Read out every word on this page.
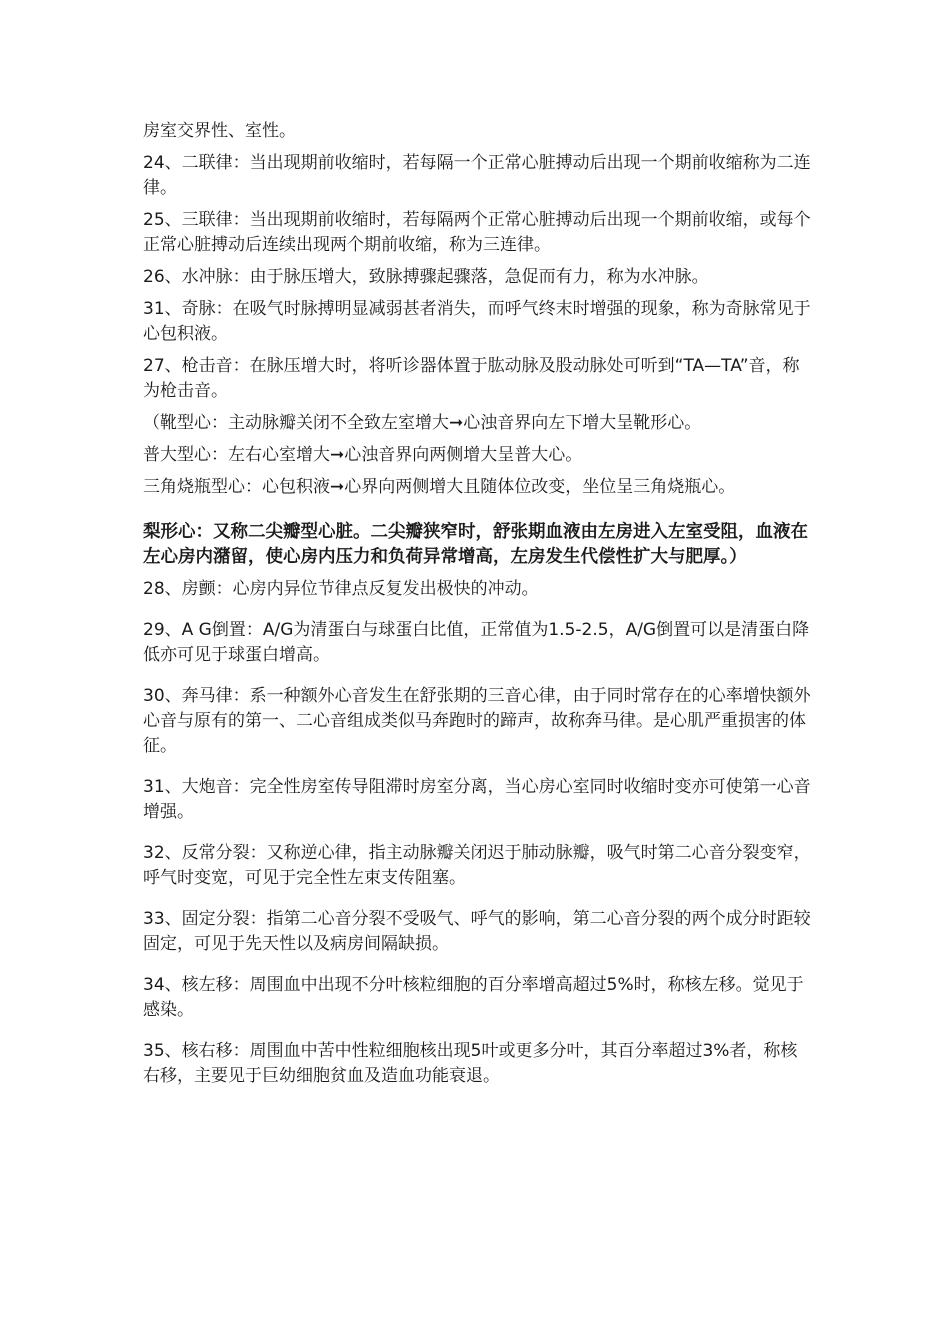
房室交界性、室性。

24、二联律：当出现期前收缩时，若每隔一个正常心脏搏动后出现一个期前收缩称为二连律。

25、三联律：当出现期前收缩时，若每隔两个正常心脏搏动后出现一个期前收缩，或每个正常心脏搏动后连续出现两个期前收缩，称为三连律。

26、水冲脉：由于脉压增大，致脉搏骤起骤落，急促而有力，称为水冲脉。

31、奇脉：在吸气时脉搏明显减弱甚者消失，而呼气终末时增强的现象，称为奇脉常见于心包积液。

27、枪击音：在脉压增大时，将听诊器体置于肱动脉及股动脉处可听到“TA—TA”音，称为枪击音。

（靴型心：主动脉瓣关闭不全致左室增大➞心浊音界向左下增大呈靴形心。

普大型心：左右心室增大➞心浊音界向两侧增大呈普大心。

三角烧瓶型心：心包积液➞心界向两侧增大且随体位改变，坐位呈三角烧瓶心。

梨形心：又称二尖瓣型心脏。二尖瓣狭窄时，舒张期血液由左房进入左室受阻，血液在左心房内潴留，使心房内压力和负荷异常增高，左房发生代偿性扩大与肥厚。）

28、房颤：心房内异位节律点反复发出极快的冲动。

29、A G倒置：A/G为清蛋白与球蛋白比值，正常值为1.5-2.5，A/G倒置可以是清蛋白降低亦可见于球蛋白增高。

30、奔马律：系一种额外心音发生在舒张期的三音心律，由于同时常存在的心率增快额外心音与原有的第一、二心音组成类似马奔跑时的蹄声，故称奔马律。是心肌严重损害的体征。

31、大炮音：完全性房室传导阻滞时房室分离，当心房心室同时收缩时变亦可使第一心音增强。

32、反常分裂：又称逆心律，指主动脉瓣关闭迟于肺动脉瓣，吸气时第二心音分裂变窄，呼气时变宽，可见于完全性左束支传阻塞。

33、固定分裂：指第二心音分裂不受吸气、呼气的影响，第二心音分裂的两个成分时距较固定，可见于先天性以及病房间隔缺损。

34、核左移：周围血中出现不分叶核粒细胞的百分率增高超过5%时，称核左移。觉见于感染。

35、核右移：周围血中苦中性粒细胞核出现5叶或更多分叶，其百分率超过3%者，称核右移，主要见于巨幼细胞贫血及造血功能衰退。
